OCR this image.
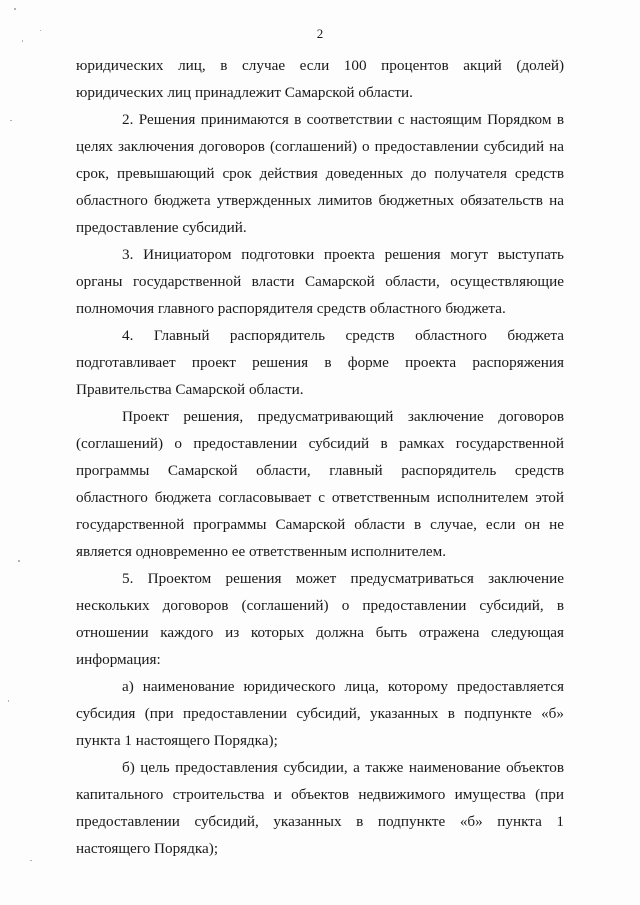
2

юридических лиц, в случае если 100 процентов акций (долей) юридических лиц принадлежит Самарской области.

2. Решения принимаются в соответствии с настоящим Порядком в целях заключения договоров (соглашений) о предоставлении субсидий на срок, превышающий срок действия доведенных до получателя средств областного бюджета утвержденных лимитов бюджетных обязательств на предоставление субсидий.

3. Инициатором подготовки проекта решения могут выступать органы государственной власти Самарской области, осуществляющие полномочия главного распорядителя средств областного бюджета.

4. Главный распорядитель средств областного бюджета подготавливает проект решения в форме проекта распоряжения Правительства Самарской области.

Проект решения, предусматривающий заключение договоров (соглашений) о предоставлении субсидий в рамках государственной программы Самарской области, главный распорядитель средств областного бюджета согласовывает с ответственным исполнителем этой государственной программы Самарской области в случае, если он не является одновременно ее ответственным исполнителем.

5. Проектом решения может предусматриваться заключение нескольких договоров (соглашений) о предоставлении субсидий, в отношении каждого из которых должна быть отражена следующая информация:

а) наименование юридического лица, которому предоставляется субсидия (при предоставлении субсидий, указанных в подпункте «б» пункта 1 настоящего Порядка);

б) цель предоставления субсидии, а также наименование объектов капитального строительства и объектов недвижимого имущества (при предоставлении субсидий, указанных в подпункте «б» пункта 1 настоящего Порядка);
